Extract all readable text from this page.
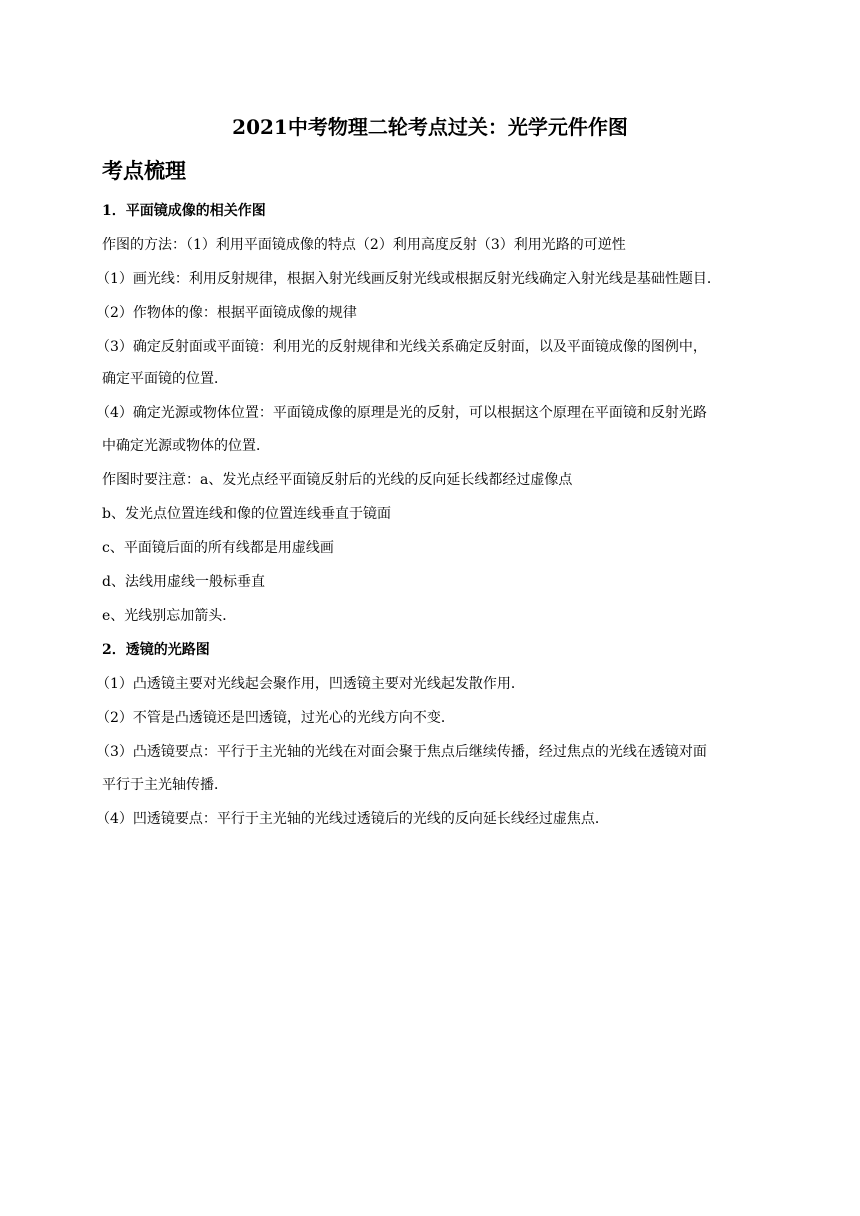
2021中考物理二轮考点过关：光学元件作图
考点梳理
1．平面镜成像的相关作图
作图的方法：（1）利用平面镜成像的特点（2）利用高度反射（3）利用光路的可逆性
（1）画光线：利用反射规律，根据入射光线画反射光线或根据反射光线确定入射光线是基础性题目．
（2）作物体的像：根据平面镜成像的规律
（3）确定反射面或平面镜：利用光的反射规律和光线关系确定反射面，以及平面镜成像的图例中，
确定平面镜的位置．
（4）确定光源或物体位置：平面镜成像的原理是光的反射，可以根据这个原理在平面镜和反射光路
中确定光源或物体的位置．
作图时要注意：a、发光点经平面镜反射后的光线的反向延长线都经过虚像点
b、发光点位置连线和像的位置连线垂直于镜面
c、平面镜后面的所有线都是用虚线画
d、法线用虚线一般标垂直
e、光线别忘加箭头．
2．透镜的光路图
（1）凸透镜主要对光线起会聚作用，凹透镜主要对光线起发散作用．
（2）不管是凸透镜还是凹透镜，过光心的光线方向不变．
（3）凸透镜要点：平行于主光轴的光线在对面会聚于焦点后继续传播，经过焦点的光线在透镜对面
平行于主光轴传播．
（4）凹透镜要点：平行于主光轴的光线过透镜后的光线的反向延长线经过虚焦点．
